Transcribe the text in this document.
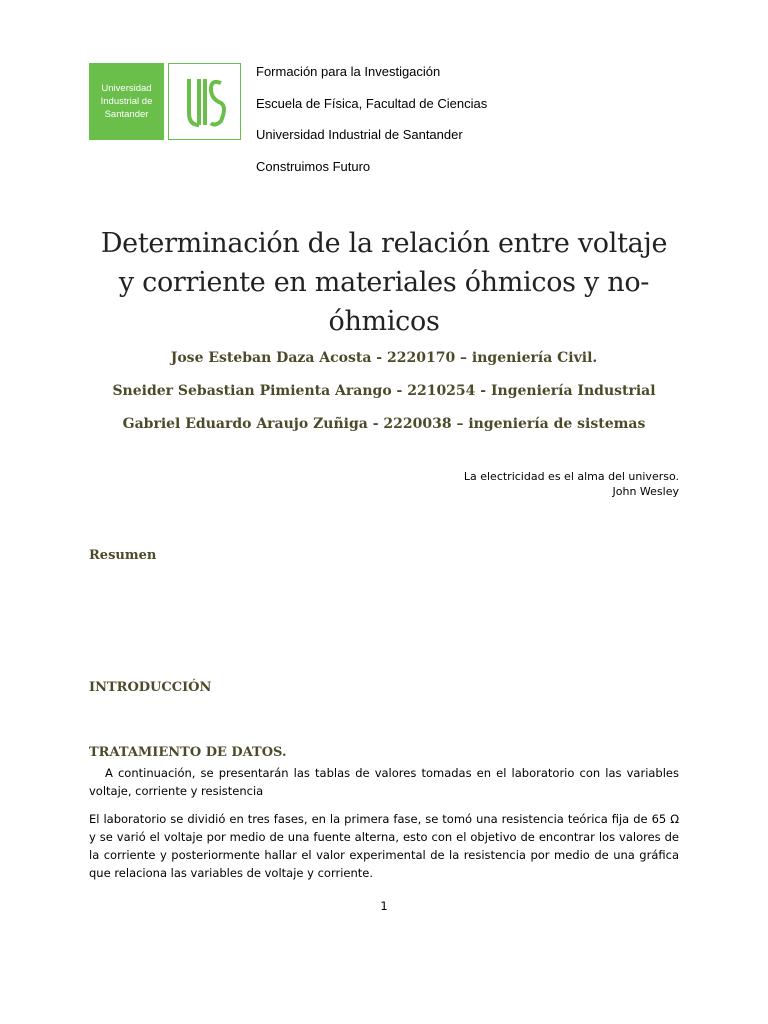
Universidad
Industrial de
Santander
Formación para la Investigación
Escuela de Física, Facultad de Ciencias
Universidad Industrial de Santander
Construimos Futuro
Determinación de la relación entre voltaje
y corriente en materiales óhmicos y no-
óhmicos
Jose Esteban Daza Acosta - 2220170 – ingeniería Civil.
Sneider Sebastian Pimienta Arango - 2210254 - Ingeniería Industrial
Gabriel Eduardo Araujo Zuñiga - 2220038 – ingeniería de sistemas
La electricidad es el alma del universo.
John Wesley
Resumen
INTRODUCCIÓN
TRATAMIENTO DE DATOS.
A continuación, se presentarán las tablas de valores tomadas en el laboratorio con las variables voltaje, corriente y resistencia
El laboratorio se dividió en tres fases, en la primera fase, se tomó una resistencia teórica fija de 65 Ω y se varió el voltaje por medio de una fuente alterna, esto con el objetivo de encontrar los valores de la corriente y posteriormente hallar el valor experimental de la resistencia por medio de una gráfica que relaciona las variables de voltaje y corriente.
1
